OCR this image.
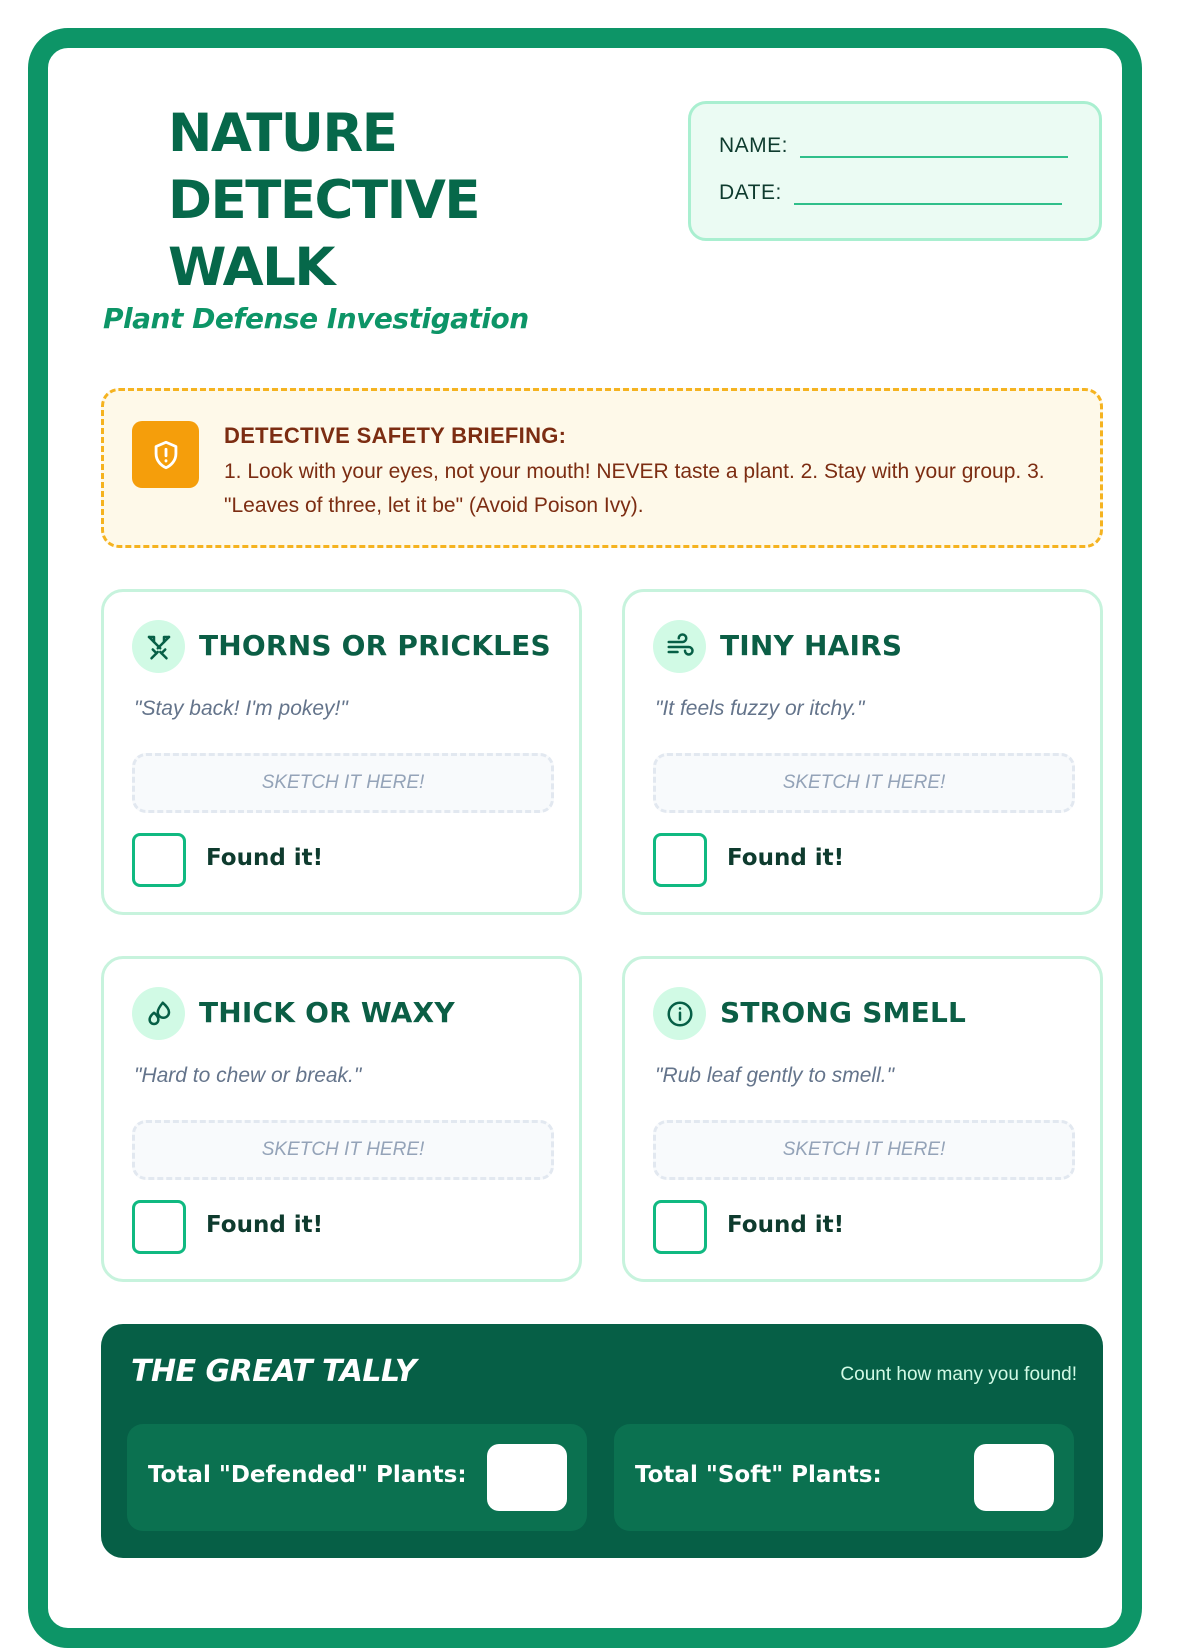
NATURE
DETECTIVE
WALK
Plant Defense Investigation
NAME:
DATE:
DETECTIVE SAFETY BRIEFING:
1. Look with your eyes, not your mouth! NEVER taste a plant. 2. Stay with your group. 3. "Leaves of three, let it be" (Avoid Poison Ivy).
THORNS OR PRICKLES
"Stay back! I'm pokey!"
SKETCH IT HERE!
Found it!
TINY HAIRS
"It feels fuzzy or itchy."
SKETCH IT HERE!
Found it!
THICK OR WAXY
"Hard to chew or break."
SKETCH IT HERE!
Found it!
STRONG SMELL
"Rub leaf gently to smell."
SKETCH IT HERE!
Found it!
THE GREAT TALLY	Count how many you found!
Total "Defended" Plants:	Total "Soft" Plants:
